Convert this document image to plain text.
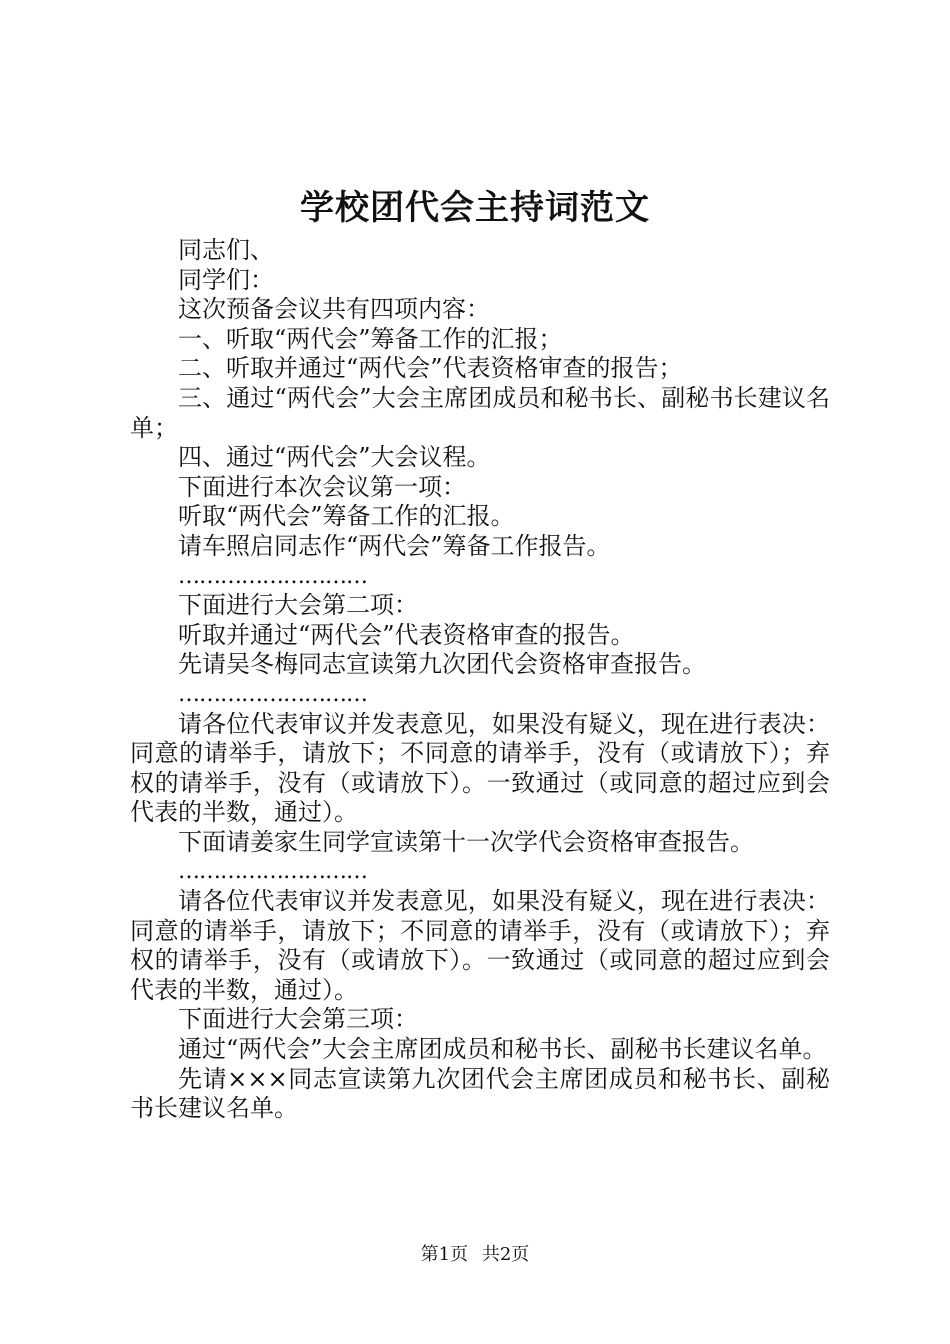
学校团代会主持词范文

同志们、

同学们：

这次预备会议共有四项内容：

一、听取“两代会”筹备工作的汇报；

二、听取并通过“两代会”代表资格审查的报告；

三、通过“两代会”大会主席团成员和秘书长、副秘书长建议名单；

四、通过“两代会”大会议程。

下面进行本次会议第一项：

听取“两代会”筹备工作的汇报。

请车照启同志作“两代会”筹备工作报告。

………………………

下面进行大会第二项：

听取并通过“两代会”代表资格审查的报告。

先请吴冬梅同志宣读第九次团代会资格审查报告。

………………………

请各位代表审议并发表意见，如果没有疑义，现在进行表决：同意的请举手，请放下；不同意的请举手，没有（或请放下）；弃权的请举手，没有（或请放下）。一致通过（或同意的超过应到会代表的半数，通过）。

下面请姜家生同学宣读第十一次学代会资格审查报告。

………………………

请各位代表审议并发表意见，如果没有疑义，现在进行表决：同意的请举手，请放下；不同意的请举手，没有（或请放下）；弃权的请举手，没有（或请放下）。一致通过（或同意的超过应到会代表的半数，通过）。

下面进行大会第三项：

通过“两代会”大会主席团成员和秘书长、副秘书长建议名单。

先请×××同志宣读第九次团代会主席团成员和秘书长、副秘书长建议名单。

第1页 共2页
